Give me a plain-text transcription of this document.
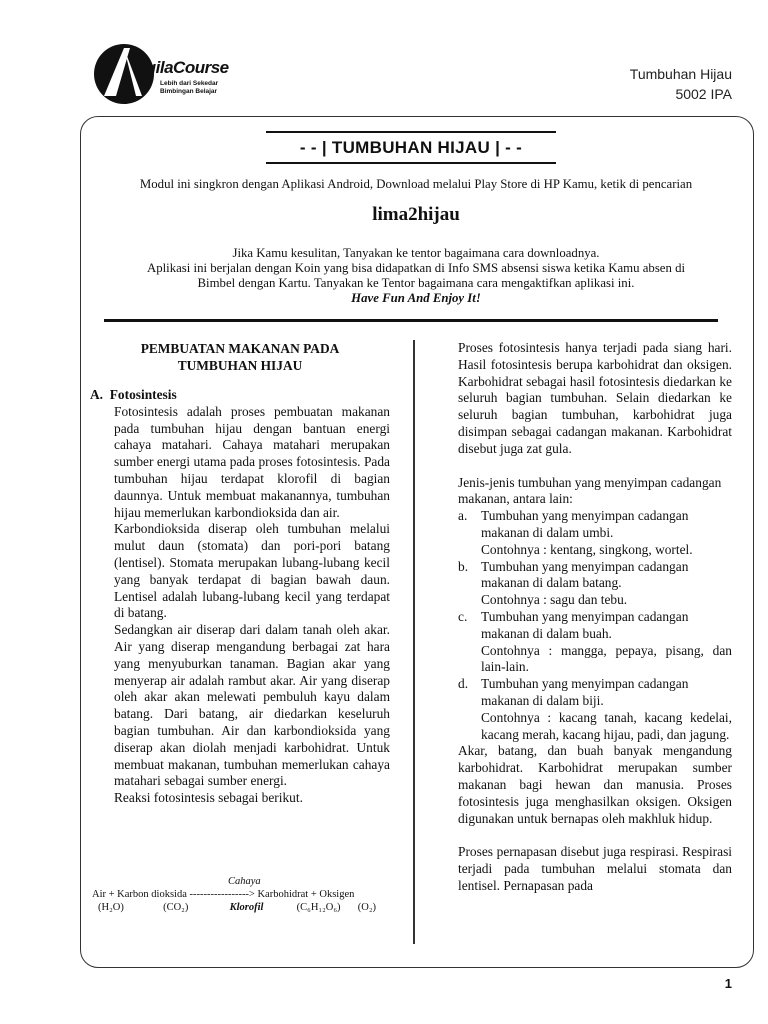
AqilaCourse
Lebih dari Sekedar
Bimbingan Belajar
Tumbuhan Hijau
5002 IPA
- - | TUMBUHAN HIJAU | - -
Modul ini singkron dengan Aplikasi Android, Download melalui Play Store di HP Kamu, ketik di pencarian
lima2hijau
Jika Kamu kesulitan, Tanyakan ke tentor bagaimana cara downloadnya.
Aplikasi ini berjalan dengan Koin yang bisa didapatkan di Info SMS absensi siswa ketika Kamu absen di
Bimbel dengan Kartu. Tanyakan ke Tentor bagaimana cara mengaktifkan aplikasi ini.
Have Fun And Enjoy It!
PEMBUATAN MAKANAN PADA
TUMBUHAN HIJAU
A. Fotosintesis
Fotosintesis adalah proses pembuatan makanan pada tumbuhan hijau dengan bantuan energi cahaya matahari. Cahaya matahari merupakan sumber energi utama pada proses fotosintesis. Pada tumbuhan hijau terdapat klorofil di bagian daunnya. Untuk membuat makanannya, tumbuhan hijau memerlukan karbondioksida dan air.
Karbondioksida diserap oleh tumbuhan melalui mulut daun (stomata) dan pori-pori batang (lentisel). Stomata merupakan lubang-lubang kecil yang banyak terdapat di bagian bawah daun. Lentisel adalah lubang-lubang kecil yang terdapat di batang.
Sedangkan air diserap dari dalam tanah oleh akar. Air yang diserap mengandung berbagai zat hara yang menyuburkan tanaman. Bagian akar yang menyerap air adalah rambut akar. Air yang diserap oleh akar akan melewati pembuluh kayu dalam batang. Dari batang, air diedarkan keseluruh bagian tumbuhan. Air dan karbondioksida yang diserap akan diolah menjadi karbohidrat. Untuk membuat makanan, tumbuhan memerlukan cahaya matahari sebagai sumber energi.
Reaksi fotosintesis sebagai berikut.
Cahaya
Air + Karbon dioksida -----------------> Karbohidrat + Oksigen
(H₂O)	(CO₂)	Klorofil	(C₆H₁₂O₆) (O₂)
Proses fotosintesis hanya terjadi pada siang hari. Hasil fotosintesis berupa karbohidrat dan oksigen. Karbohidrat sebagai hasil fotosintesis diedarkan ke seluruh bagian tumbuhan. Selain diedarkan ke seluruh bagian tumbuhan, karbohidrat juga disimpan sebagai cadangan makanan. Karbohidrat disebut juga zat gula.
Jenis-jenis tumbuhan yang menyimpan cadangan makanan, antara lain:
a. Tumbuhan yang menyimpan cadangan makanan di dalam umbi.
Contohnya : kentang, singkong, wortel.
b. Tumbuhan yang menyimpan cadangan makanan di dalam batang.
Contohnya : sagu dan tebu.
c. Tumbuhan yang menyimpan cadangan makanan di dalam buah.
Contohnya : mangga, pepaya, pisang, dan lain-lain.
d. Tumbuhan yang menyimpan cadangan makanan di dalam biji.
Contohnya : kacang tanah, kacang kedelai, kacang merah, kacang hijau, padi, dan jagung.
Akar, batang, dan buah banyak mengandung karbohidrat. Karbohidrat merupakan sumber makanan bagi hewan dan manusia. Proses fotosintesis juga menghasilkan oksigen. Oksigen digunakan untuk bernapas oleh makhluk hidup.
Proses pernapasan disebut juga respirasi. Respirasi terjadi pada tumbuhan melalui stomata dan lentisel. Pernapasan pada
1
